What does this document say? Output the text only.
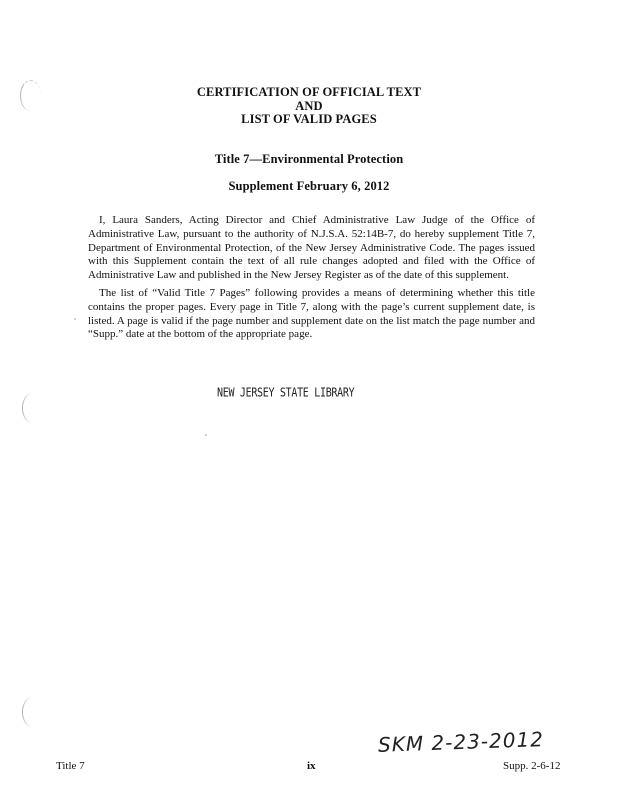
CERTIFICATION OF OFFICIAL TEXT
AND
LIST OF VALID PAGES
Title 7—Environmental Protection
Supplement February 6, 2012

I, Laura Sanders, Acting Director and Chief Administrative Law Judge of the Office of Administrative Law, pursuant to the authority of N.J.S.A. 52:14B-7, do hereby supplement Title 7, Department of Environmental Protection, of the New Jersey Administrative Code. The pages issued with this Supplement contain the text of all rule changes adopted and filed with the Office of Administrative Law and published in the New Jersey Register as of the date of this supplement.

The list of “Valid Title 7 Pages” following provides a means of determining whether this title contains the proper pages. Every page in Title 7, along with the page’s current supplement date, is listed. A page is valid if the page number and supplement date on the list match the page number and “Supp.” date at the bottom of the appropriate page.

NEW JERSEY STATE LIBRARY
SKM 2-23-2012
Title 7	ix	Supp. 2-6-12
